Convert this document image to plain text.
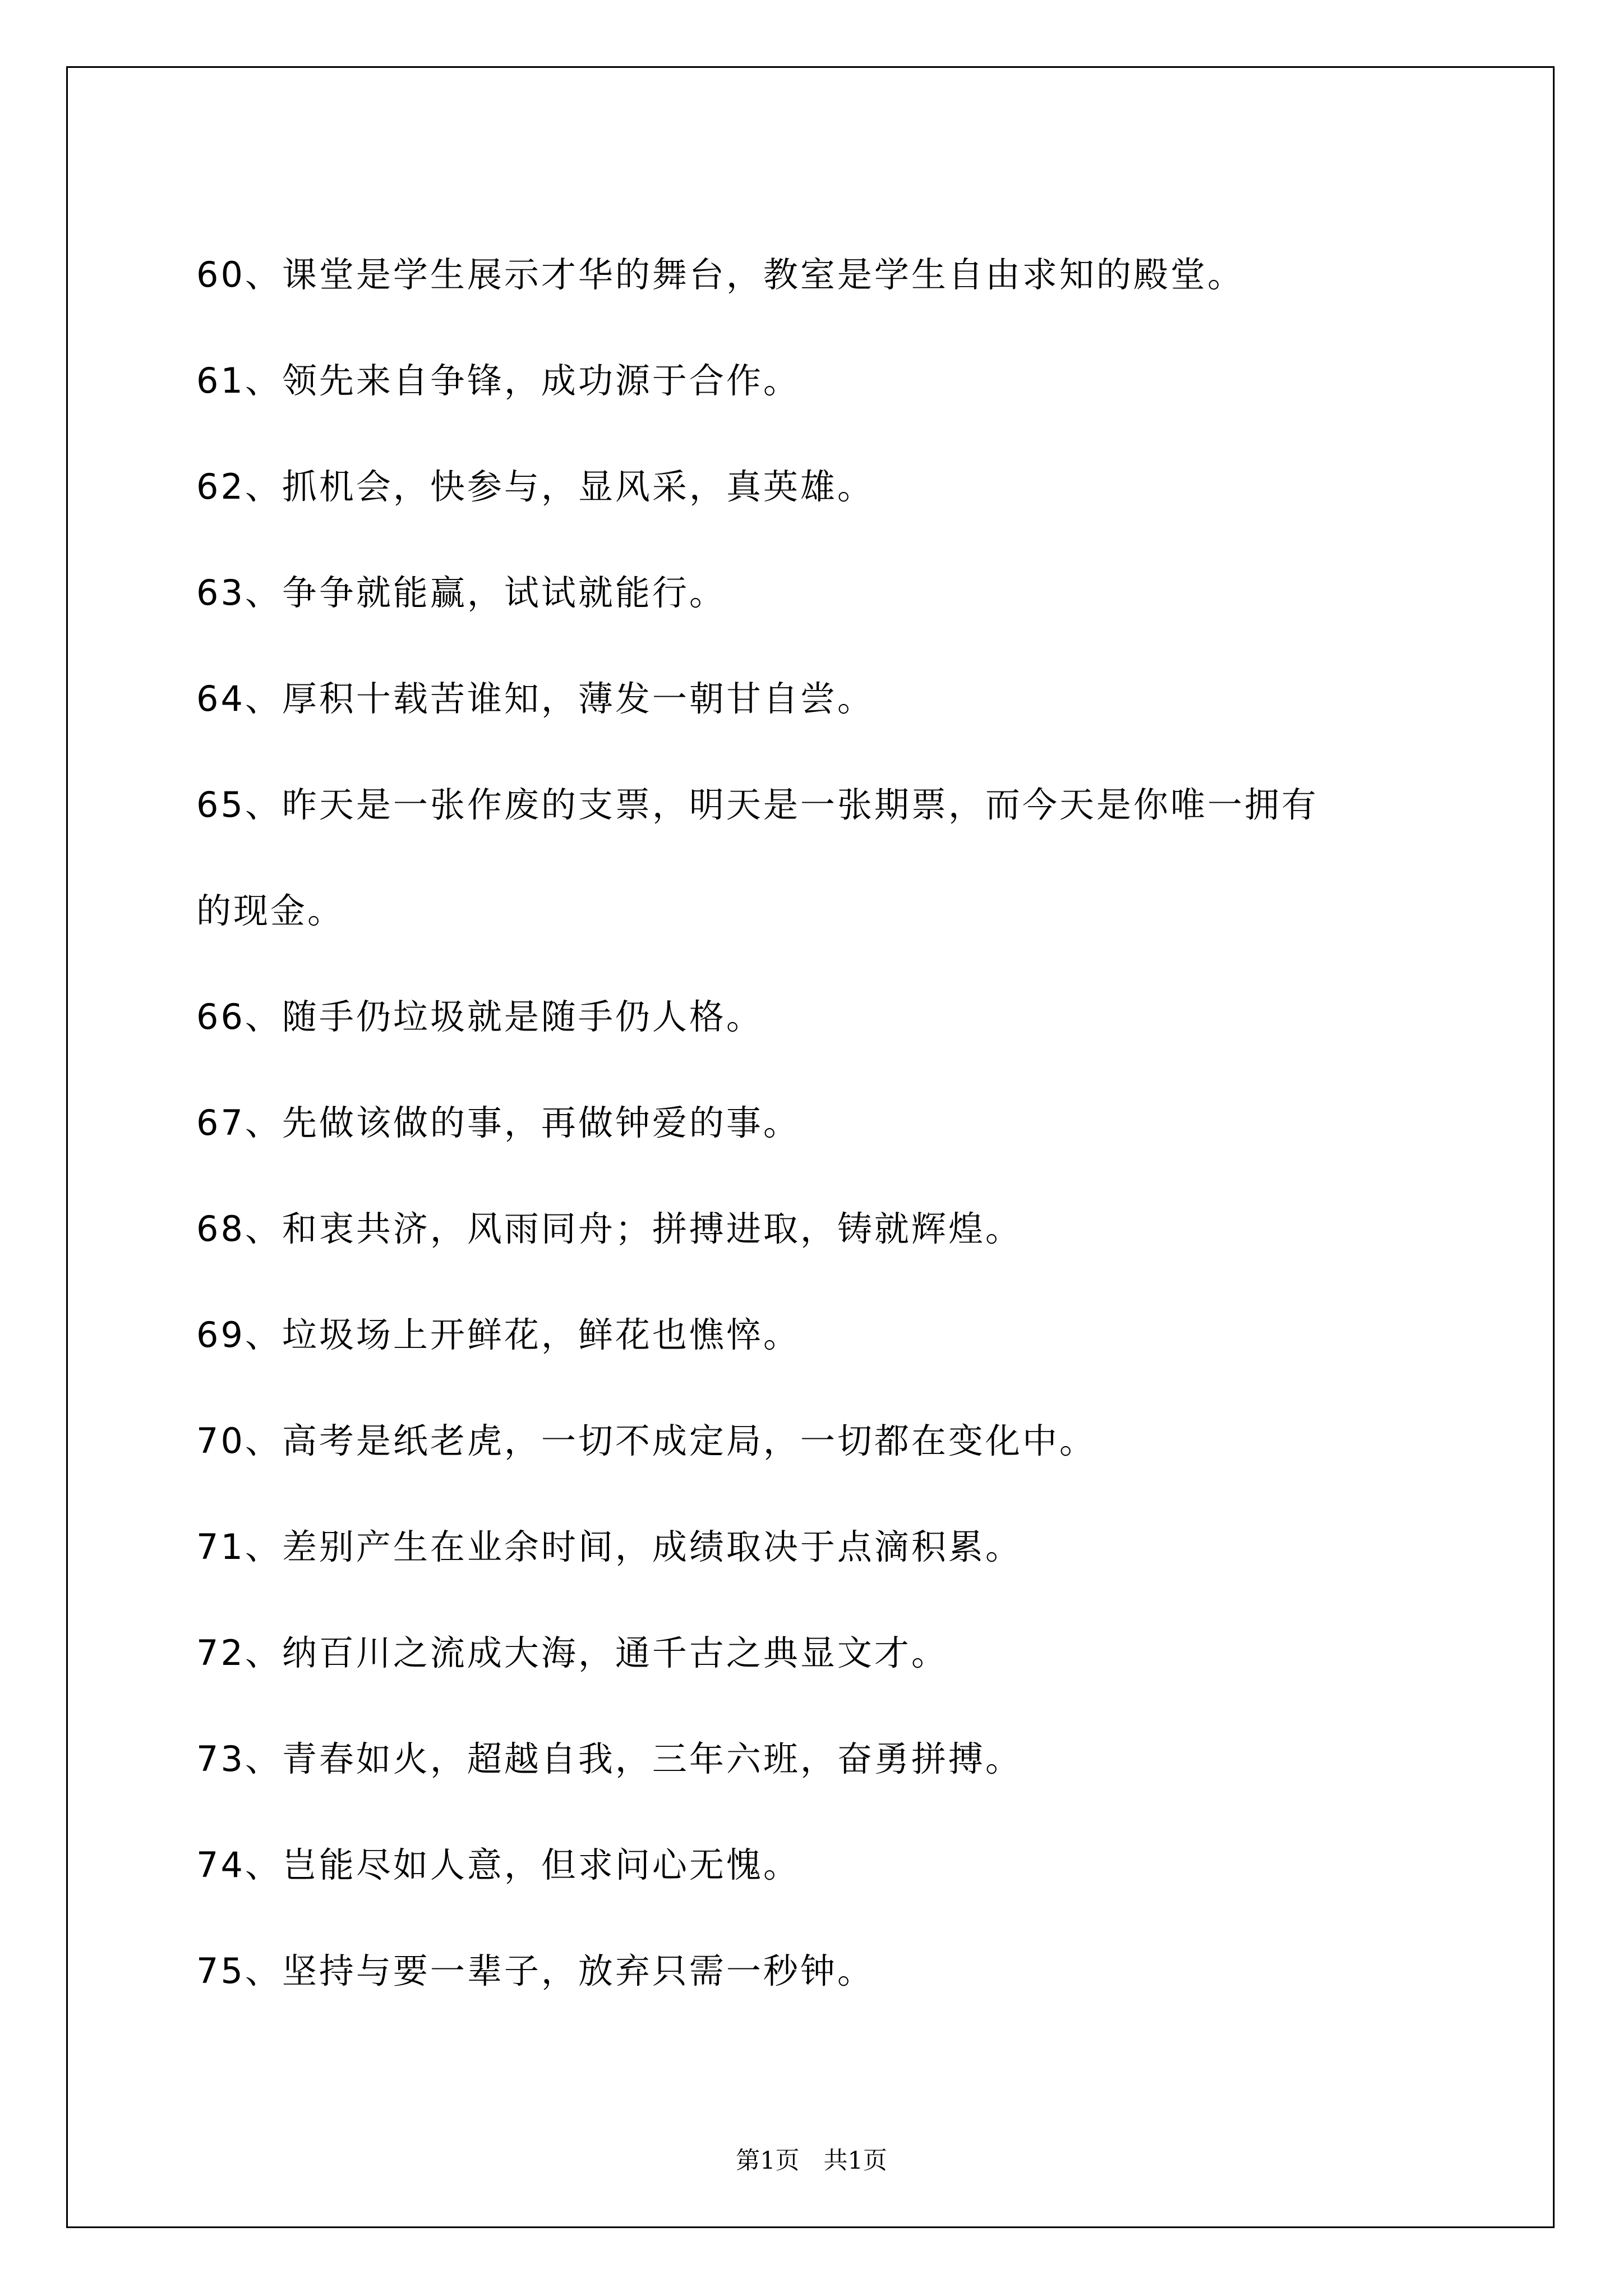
60、课堂是学生展示才华的舞台，教室是学生自由求知的殿堂。

61、领先来自争锋，成功源于合作。

62、抓机会，快参与，显风采，真英雄。

63、争争就能赢，试试就能行。

64、厚积十载苦谁知，薄发一朝甘自尝。

65、昨天是一张作废的支票，明天是一张期票，而今天是你唯一拥有

的现金。

66、随手仍垃圾就是随手仍人格。

67、先做该做的事，再做钟爱的事。

68、和衷共济，风雨同舟；拼搏进取，铸就辉煌。

69、垃圾场上开鲜花，鲜花也憔悴。

70、高考是纸老虎，一切不成定局，一切都在变化中。

71、差别产生在业余时间，成绩取决于点滴积累。

72、纳百川之流成大海，通千古之典显文才。

73、青春如火，超越自我，三年六班，奋勇拼搏。

74、岂能尽如人意，但求问心无愧。

75、坚持与要一辈子，放弃只需一秒钟。

第1页　共1页
